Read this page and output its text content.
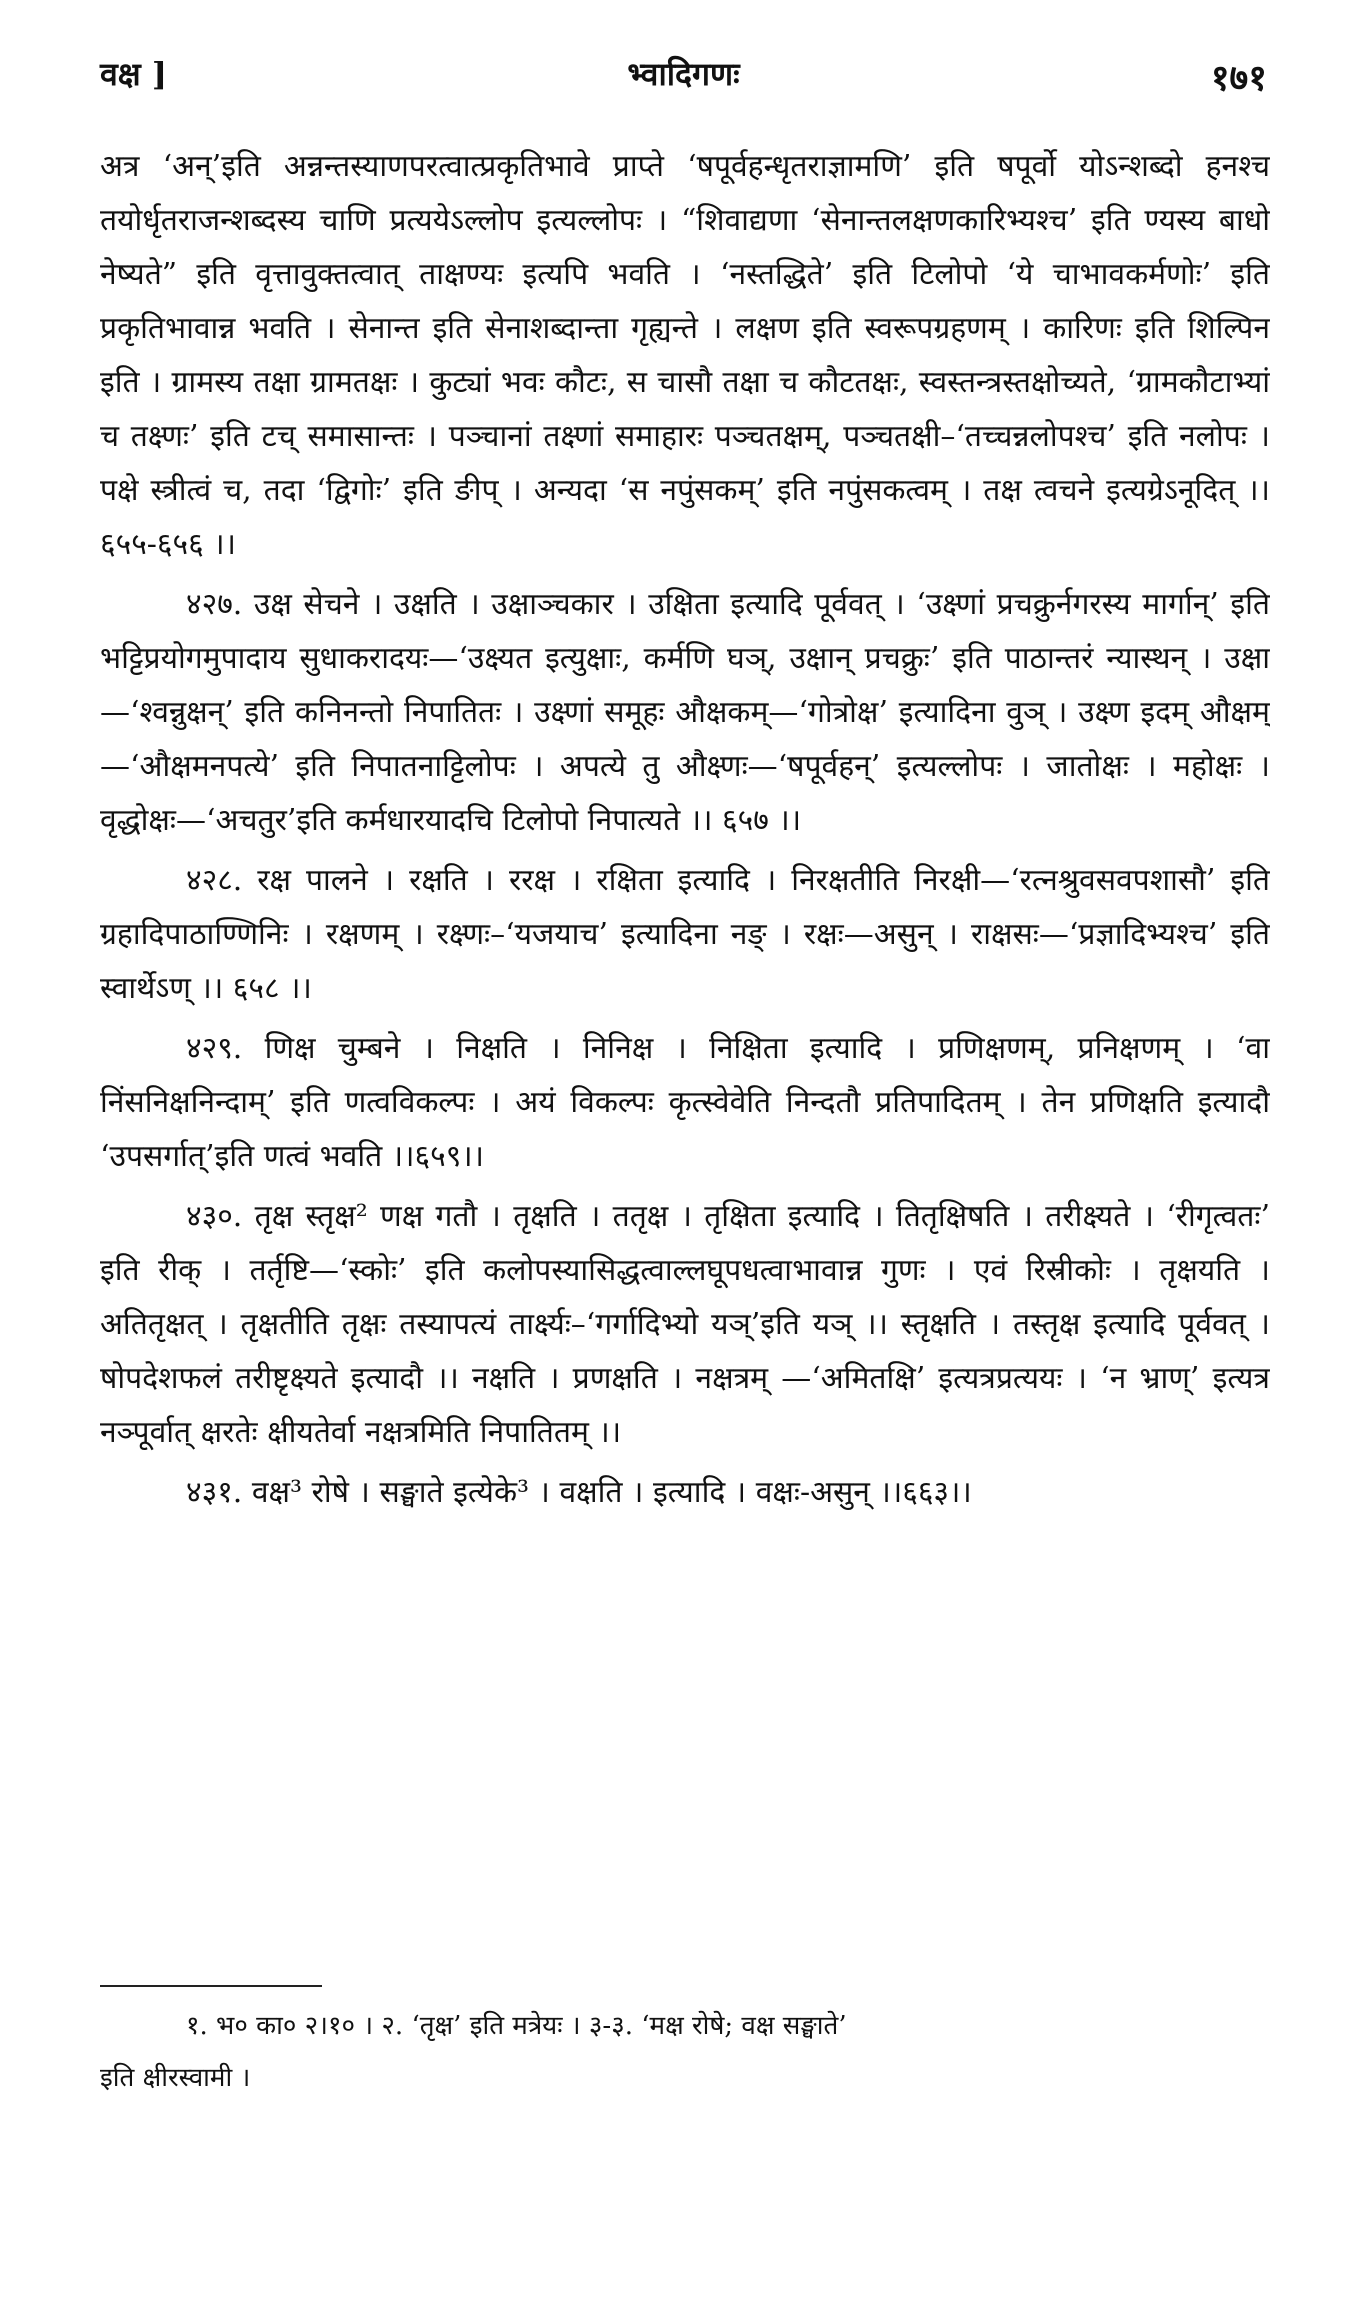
वक्ष ]	भ्वादिगणः	१७१

अत्र ‘अन्’इति अन्नन्तस्याणपरत्वात्प्रकृतिभावे प्राप्ते ‘षपूर्वहन्धृतराज्ञामणि’ इति षपूर्वो योऽन्शब्दो हनश्च तयोर्धृतराजन्शब्दस्य चाणि प्रत्ययेऽल्लोप इत्यल्लोपः । “शिवाद्यणा ‘सेनान्तलक्षणकारिभ्यश्च’ इति ण्यस्य बाधो नेष्यते” इति वृत्तावुक्तत्वात् ताक्षण्यः इत्यपि भवति । ‘नस्तद्धिते’ इति टिलोपो ‘ये चाभावकर्मणोः’ इति प्रकृतिभावान्न भवति । सेनान्त इति सेनाशब्दान्ता गृह्यन्ते । लक्षण इति स्वरूपग्रहणम् । कारिणः इति शिल्पिन इति । ग्रामस्य तक्षा ग्रामतक्षः । कुट्यां भवः कौटः, स चासौ तक्षा च कौटतक्षः, स्वस्तन्त्रस्तक्षोच्यते, ‘ग्रामकौटाभ्यां च तक्ष्णः’ इति टच् समासान्तः । पञ्चानां तक्ष्णां समाहारः पञ्चतक्षम्, पञ्चतक्षी–‘तच्चन्नलोपश्च’ इति नलोपः । पक्षे स्त्रीत्वं च, तदा ‘द्विगोः’ इति ङीप् । अन्यदा ‘स नपुंसकम्’ इति नपुंसकत्वम् । तक्ष त्वचने इत्यग्रेऽनूदित् ।। ६५५-६५६ ।।

४२७. उक्ष सेचने । उक्षति । उक्षाञ्चकार । उक्षिता इत्यादि पूर्ववत् । ‘उक्ष्णां प्रचक्रुर्नगरस्य मार्गान्’ इति भट्टिप्रयोगमुपादाय सुधाकरादयः—‘उक्ष्यत इत्युक्षाः, कर्मणि घञ्, उक्षान् प्रचक्रुः’ इति पाठान्तरं न्यास्थन् । उक्षा—‘श्वन्नुक्षन्’ इति कनिनन्तो निपातितः । उक्ष्णां समूहः औक्षकम्—‘गोत्रोक्ष’ इत्यादिना वुञ् । उक्ष्ण इदम् औक्षम्—‘औक्षमनपत्ये’ इति निपातनाट्टिलोपः । अपत्ये तु औक्ष्णः—‘षपूर्वहन्’ इत्यल्लोपः । जातोक्षः । महोक्षः । वृद्धोक्षः—‘अचतुर’इति कर्मधारयादचि टिलोपो निपात्यते ।। ६५७ ।।

४२८. रक्ष पालने । रक्षति । ररक्ष । रक्षिता इत्यादि । निरक्षतीति निरक्षी—‘रत्नश्रुवसवपशासौ’ इति ग्रहादिपाठाण्णिनिः । रक्षणम् । रक्ष्णः–‘यजयाच’ इत्यादिना नङ् । रक्षः—असुन् । राक्षसः—‘प्रज्ञादिभ्यश्च’ इति स्वार्थेऽण् ।। ६५८ ।।

४२९. णिक्ष चुम्बने । निक्षति । निनिक्ष । निक्षिता इत्यादि । प्रणिक्षणम्, प्रनिक्षणम् । ‘वा निंसनिक्षनिन्दाम्’ इति णत्वविकल्पः । अयं विकल्पः कृत्स्वेवेति निन्दतौ प्रतिपादितम् । तेन प्रणिक्षति इत्यादौ ‘उपसर्गात्’इति णत्वं भवति ।।६५९।।

४३०. तृक्ष स्तृक्ष² णक्ष गतौ । तृक्षति । ततृक्ष । तृक्षिता इत्यादि । तितृक्षिषति । तरीक्ष्यते । ‘रीगृत्वतः’ इति रीक् । तर्तृष्टि—‘स्कोः’ इति कलोपस्यासिद्धत्वाल्लघूपधत्वाभावान्न गुणः । एवं रिस्रीकोः । तृक्षयति । अतितृक्षत् । तृक्षतीति तृक्षः तस्यापत्यं तार्क्ष्यः–‘गर्गादिभ्यो यञ्’इति यञ् ।। स्तृक्षति । तस्तृक्ष इत्यादि पूर्ववत् । षोपदेशफलं तरीष्टृक्ष्यते इत्यादौ ।। नक्षति । प्रणक्षति । नक्षत्रम् —‘अमितक्षि’ इत्यत्रप्रत्ययः । ‘न भ्राण्’ इत्यत्र नञ्पूर्वात् क्षरतेः क्षीयतेर्वा नक्षत्रमिति निपातितम् ।।

४३१. वक्ष³ रोषे । सङ्घाते इत्येके³ । वक्षति । इत्यादि । वक्षः-असुन् ।।६६३।।

१. भ० का० २।१० । २. ‘तृक्ष’ इति मत्रेयः । ३-३. ‘मक्ष रोषे; वक्ष सङ्घाते’

इति क्षीरस्वामी ।
